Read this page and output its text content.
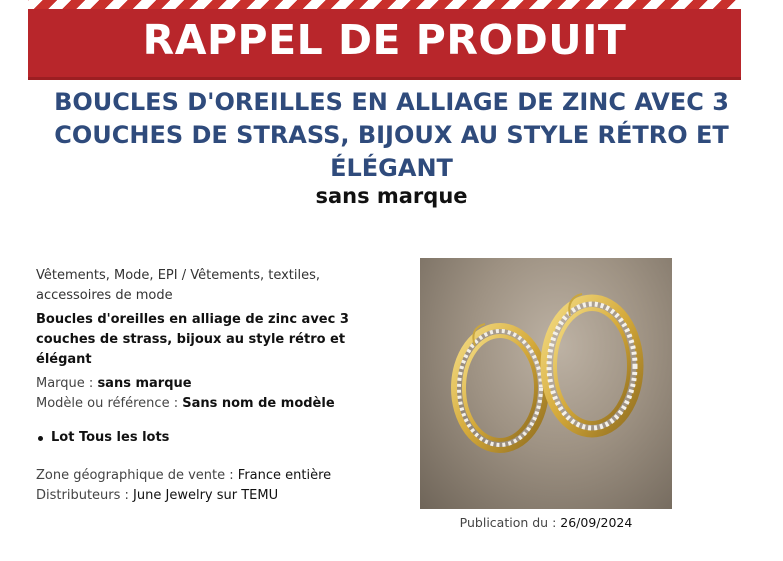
RAPPEL DE PRODUIT
BOUCLES D'OREILLES EN ALLIAGE DE ZINC AVEC 3 COUCHES DE STRASS, BIJOUX AU STYLE RÉTRO ET ÉLÉGANT
sans marque
Vêtements, Mode, EPI / Vêtements, textiles, accessoires de mode
Boucles d'oreilles en alliage de zinc avec 3 couches de strass, bijoux au style rétro et élégant
Marque : sans marque
Modèle ou référence : Sans nom de modèle
Lot Tous les lots
Zone géographique de vente : France entière
Distributeurs : June Jewelry sur TEMU
Publication du : 26/09/2024
